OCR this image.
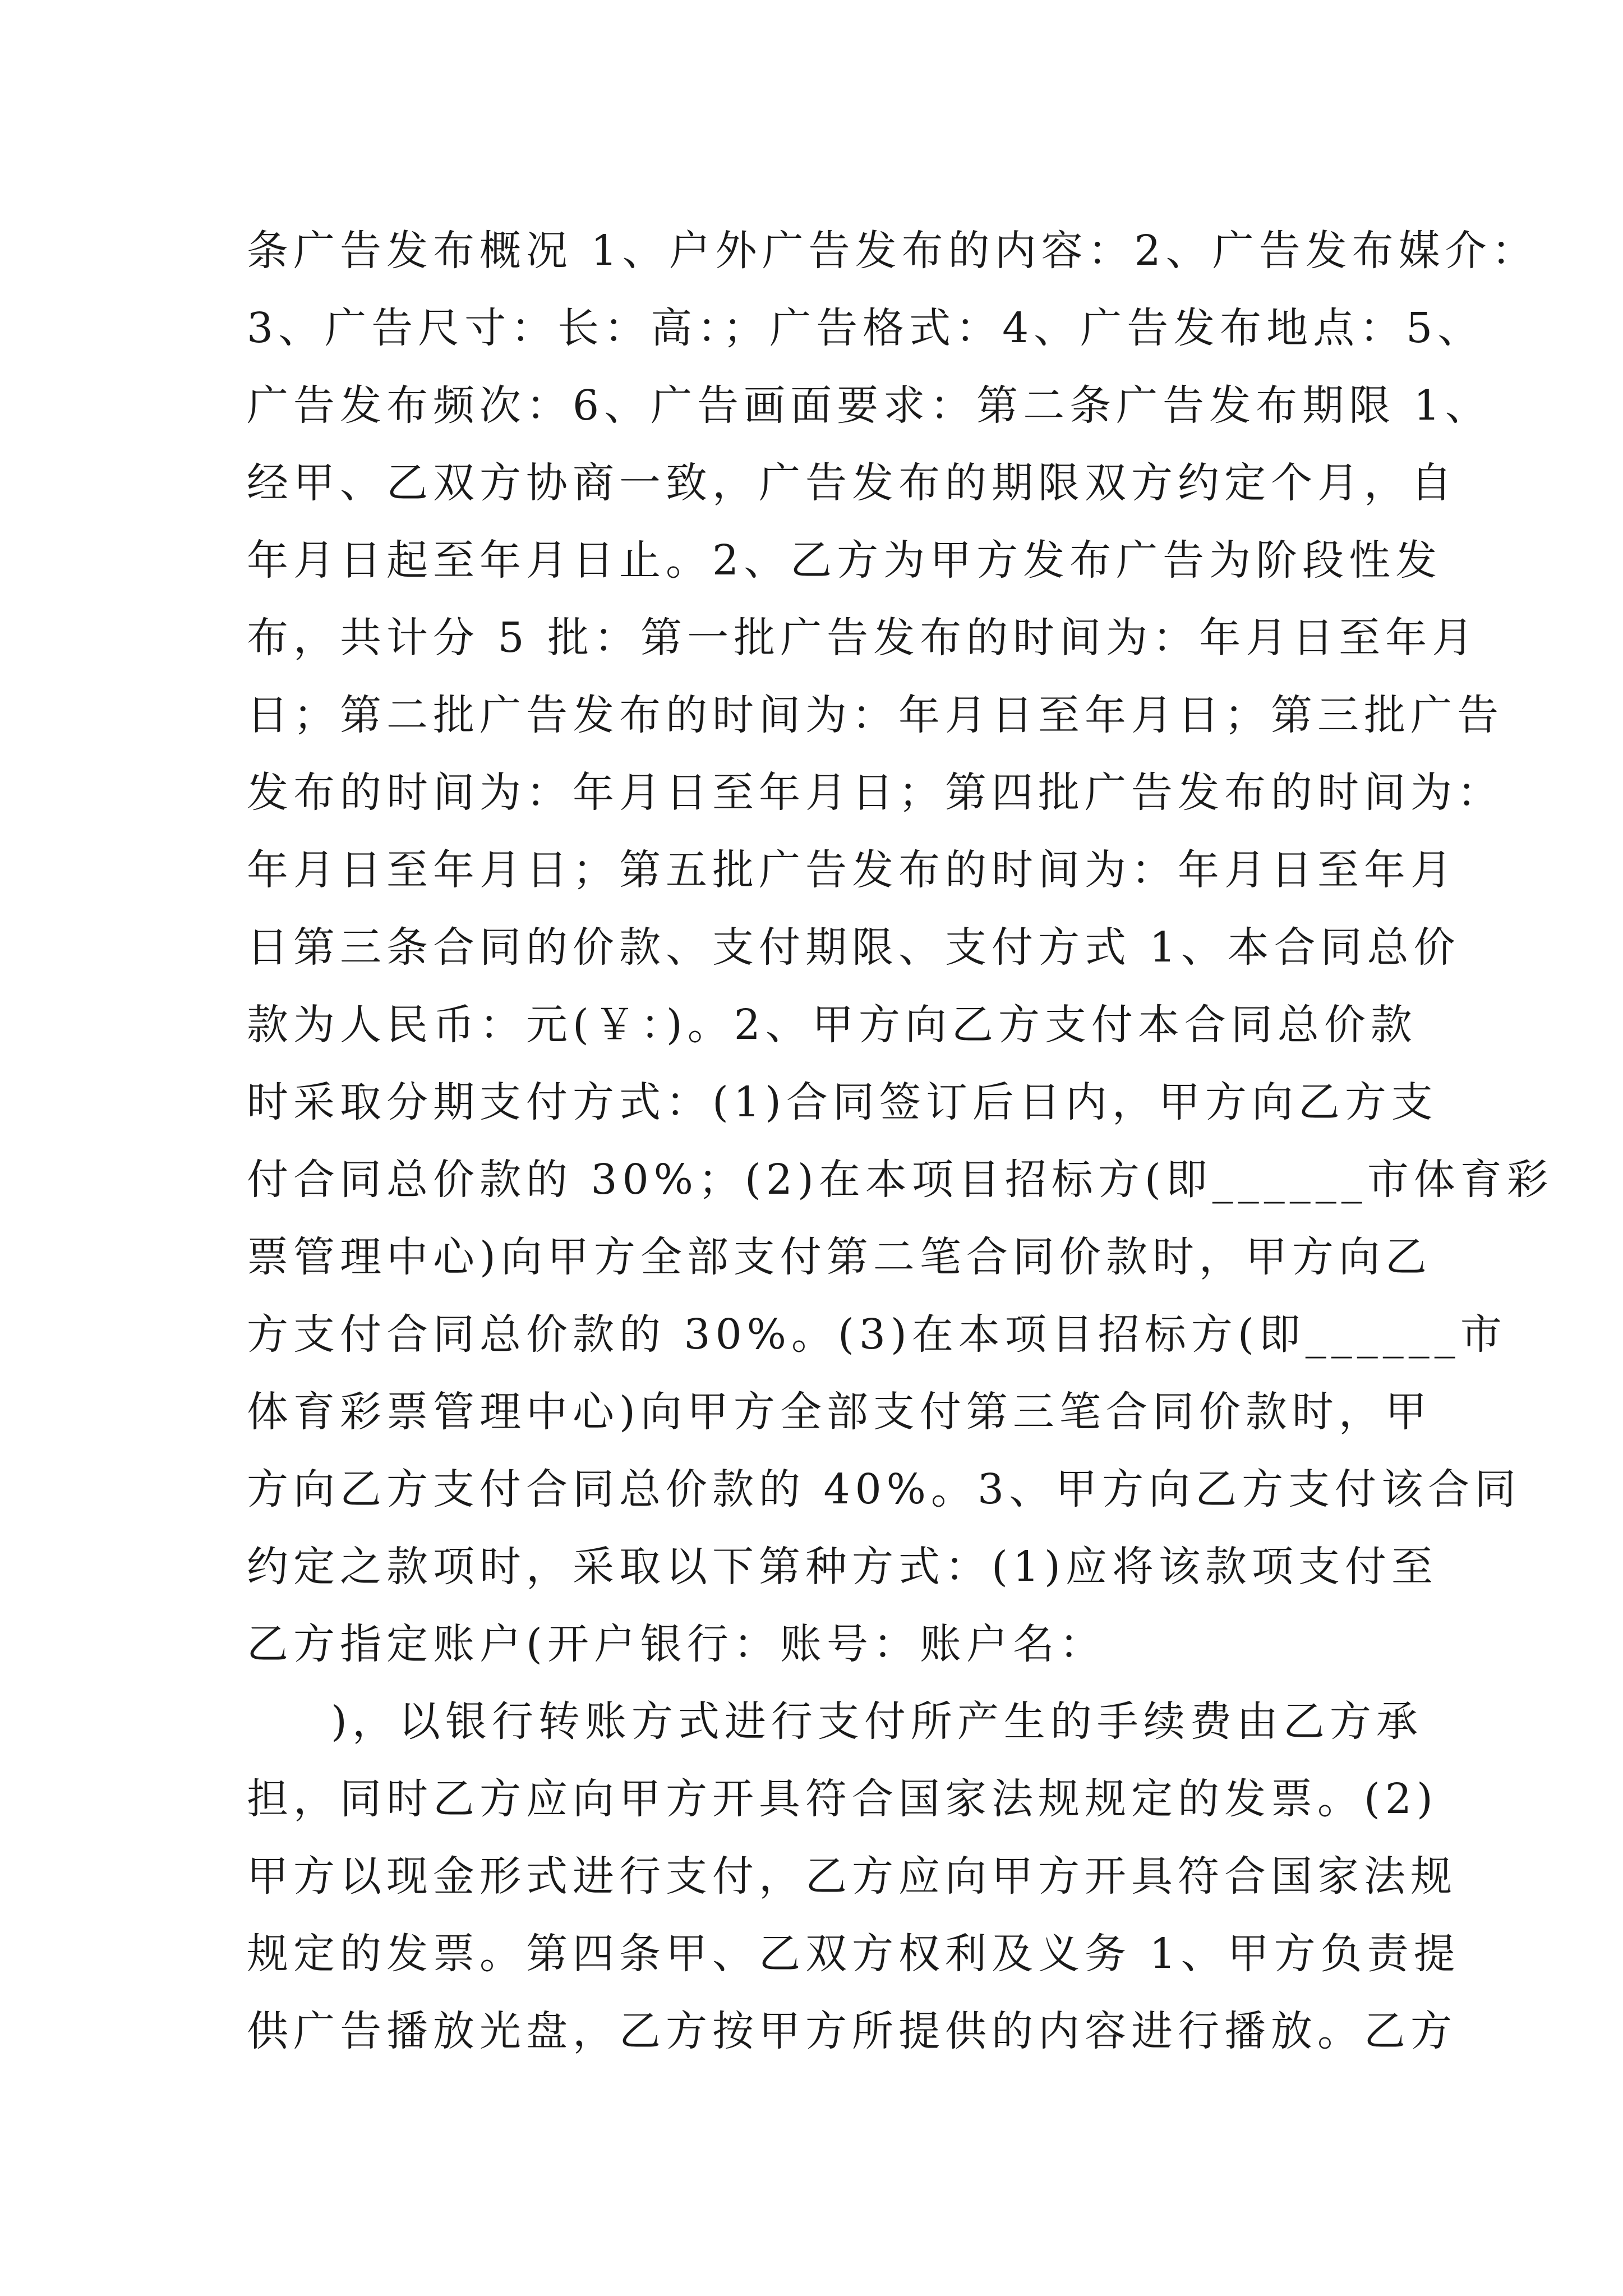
条广告发布概况 1、户外广告发布的内容：2、广告发布媒介：
3、广告尺寸：长：高：；广告格式：4、广告发布地点：5、
广告发布频次：6、广告画面要求：第二条广告发布期限 1、
经甲、乙双方协商一致，广告发布的期限双方约定个月，自
年月日起至年月日止。2、乙方为甲方发布广告为阶段性发
布，共计分 5 批：第一批广告发布的时间为：年月日至年月
日；第二批广告发布的时间为：年月日至年月日；第三批广告
发布的时间为：年月日至年月日；第四批广告发布的时间为：
年月日至年月日；第五批广告发布的时间为：年月日至年月
日第三条合同的价款、支付期限、支付方式 1、本合同总价
款为人民币：元(￥：)。2、甲方向乙方支付本合同总价款
时采取分期支付方式：(1)合同签订后日内，甲方向乙方支
付合同总价款的 30%；(2)在本项目招标方(即______市体育彩
票管理中心)向甲方全部支付第二笔合同价款时，甲方向乙
方支付合同总价款的 30%。(3)在本项目招标方(即______市
体育彩票管理中心)向甲方全部支付第三笔合同价款时，甲
方向乙方支付合同总价款的 40%。3、甲方向乙方支付该合同
约定之款项时，采取以下第种方式：(1)应将该款项支付至
乙方指定账户(开户银行：账号：账户名：
)，以银行转账方式进行支付所产生的手续费由乙方承
担，同时乙方应向甲方开具符合国家法规规定的发票。(2)
甲方以现金形式进行支付，乙方应向甲方开具符合国家法规
规定的发票。第四条甲、乙双方权利及义务 1、甲方负责提
供广告播放光盘，乙方按甲方所提供的内容进行播放。乙方
